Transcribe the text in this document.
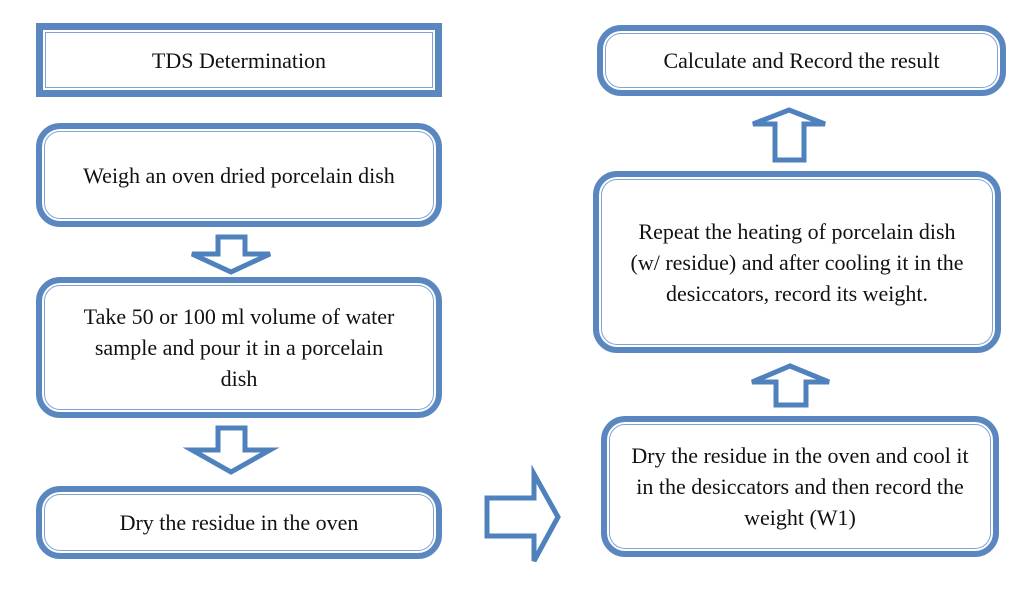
TDS Determination
Weigh an oven dried porcelain dish
Take 50 or 100 ml volume of water sample and pour it in a porcelain dish
Dry the residue in the oven
Calculate and Record the result
Repeat the heating of porcelain dish (w/ residue) and after cooling it in the desiccators, record its weight.
Dry the residue in the oven and cool it in the desiccators and then record the weight (W1)
